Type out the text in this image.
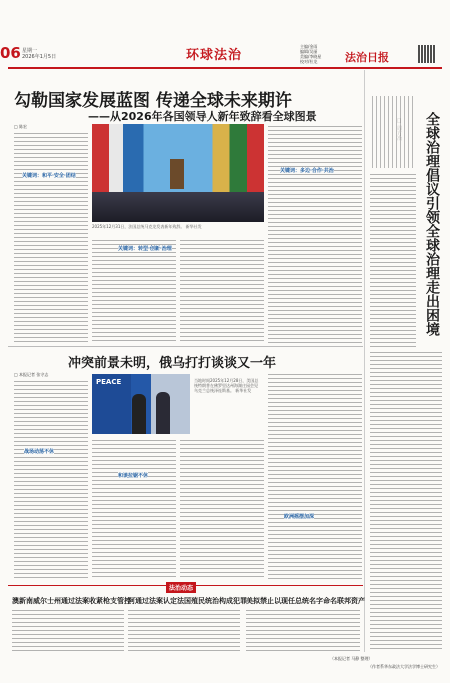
06 星期一
2026年1月5日	环球法治
主编/金雨
编辑/吴丽
美编/李晓星
校对/杜龙	法治日报
勾勒国家发展蓝图 传递全球未来期许
——从2026年各国领导人新年致辞看全球图景
□ 陈宏
关键词：和平·安全·团结
2025年12月31日，法国总统马克龙发表新年致辞。 新华社发
关键词：转型·创新·治理
关键词：多边·合作·共治
冲突前景未明，俄乌打打谈谈又一年
□ 本报记者 张守志
战场动荡不休
PEACE	当地时间2025年12月28日，美国总统特朗普在佛罗里达州海湖庄园会见乌克兰总统泽连斯基。 新华社发
和谈拉锯不休
欧洲摇摆加深
全球治理倡议引领全球治理走出困境
法治动态
澳新南威尔士州通过法案收紧枪支管控
阿通过法案认定法国殖民统治构成犯罪 美拟禁止以现任总统名字命名联邦资产
（本报记者 马静 整理）
（作者系华东政法大学法学博士研究生）
